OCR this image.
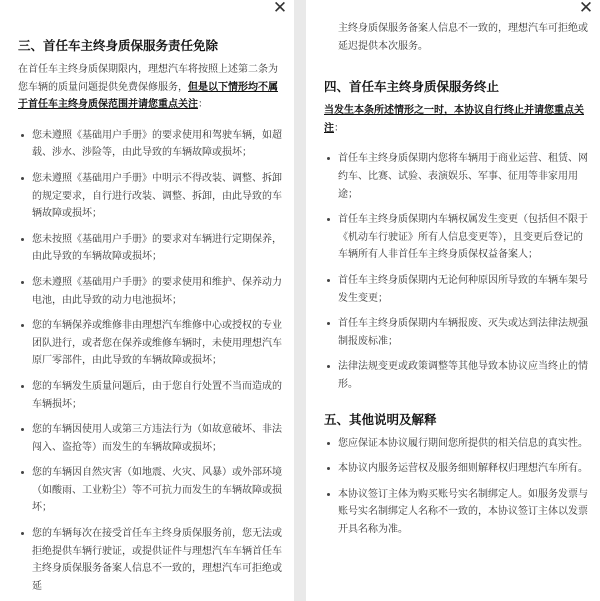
✕
三、首任车主终身质保服务责任免除

在首任车主终身质保期限内，理想汽车将按照上述第二条为您车辆的质量问题提供免费保修服务，但是以下情形均不属于首任车主终身质保范围并请您重点关注：

您未遵照《基础用户手册》的要求使用和驾驶车辆，如超载、涉水、涉险等，由此导致的车辆故障或损坏；
您未遵照《基础用户手册》中明示不得改装、调整、拆卸的规定要求，自行进行改装、调整、拆卸，由此导致的车辆故障或损坏；
您未按照《基础用户手册》的要求对车辆进行定期保养，由此导致的车辆故障或损坏；
您未遵照《基础用户手册》的要求使用和维护、保养动力电池，由此导致的动力电池损坏；
您的车辆保养或维修非由理想汽车维修中心或授权的专业团队进行，或者您在保养或维修车辆时，未使用理想汽车原厂零部件，由此导致的车辆故障或损坏；
您的车辆发生质量问题后，由于您自行处置不当而造成的车辆损坏；
您的车辆因使用人或第三方违法行为（如故意破坏、非法闯入、盗抢等）而发生的车辆故障或损坏；
您的车辆因自然灾害（如地震、火灾、风暴）或外部环境（如酸雨、工业粉尘）等不可抗力而发生的车辆故障或损坏；
您的车辆每次在接受首任车主终身质保服务前，您无法或拒绝提供车辆行驶证，或提供证件与理想汽车车辆首任车主终身质保服务备案人信息不一致的，理想汽车可拒绝或延
✕
主终身质保服务备案人信息不一致的，理想汽车可拒绝或延迟提供本次服务。
四、首任车主终身质保服务终止

当发生本条所述情形之一时，本协议自行终止并请您重点关注：

首任车主终身质保期内您将车辆用于商业运营、租赁、网约车、比赛、试验、表演娱乐、军事、征用等非家用用途；
首任车主终身质保期内车辆权属发生变更（包括但不限于《机动车行驶证》所有人信息变更等），且变更后登记的车辆所有人非首任车主终身质保权益备案人；
首任车主终身质保期内无论何种原因所导致的车辆车架号发生变更；
首任车主终身质保期内车辆报废、灭失或达到法律法规强制报废标准；
法律法规变更或政策调整等其他导致本协议应当终止的情形。
五、其他说明及解释
您应保证本协议履行期间您所提供的相关信息的真实性。
本协议内服务运营权及服务细则解释权归理想汽车所有。
本协议签订主体为购买账号实名制绑定人。如服务发票与账号实名制绑定人名称不一致的，本协议签订主体以发票开具名称为准。
